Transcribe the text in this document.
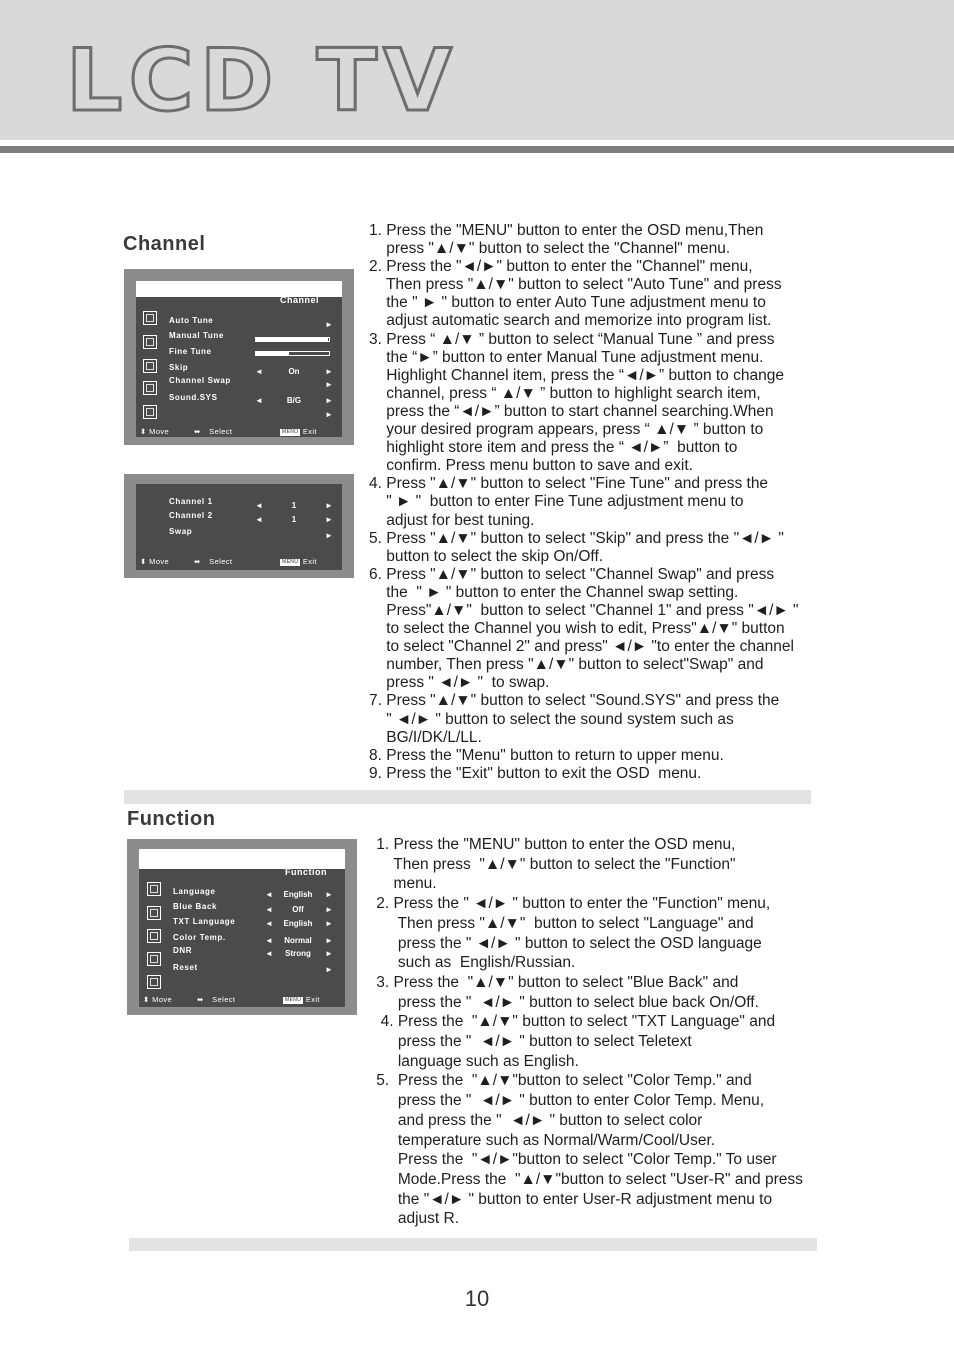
LCD TV
Channel
Channel
Auto Tune	►
Manual Tune
Fine Tune
Skip	◄	On	►
Channel Swap	►
Sound.SYS	◄	B/G	►
►
⬍ Move	⬌ Select	MENU Exit
Channel 1	◄	1	►
Channel 2	◄	1	►
Swap	►
⬍ Move	⬌ Select	MENU Exit

1. Press the "MENU" button to enter the OSD menu,Then

press "▲/▼" button to select the "Channel" menu.

2. Press the "◄/►" button to enter the "Channel" menu,

Then press "▲/▼" button to select "Auto Tune" and press

the " ► " button to enter Auto Tune adjustment menu to

adjust automatic search and memorize into program list.

3. Press “ ▲/▼ ” button to select “Manual Tune ” and press

the “►” button to enter Manual Tune adjustment menu.

Highlight Channel item, press the “◄/►” button to change

channel, press “ ▲/▼ ” button to highlight search item,

press the “◄/►” button to start channel searching.When

your desired program appears, press “ ▲/▼ ” button to

highlight store item and press the “ ◄/►”  button to

confirm. Press menu button to save and exit.

4. Press "▲/▼" button to select "Fine Tune" and press the

" ► "  button to enter Fine Tune adjustment menu to

adjust for best tuning.

5. Press "▲/▼" button to select "Skip" and press the "◄/► "

button to select the skip On/Off.

6. Press "▲/▼" button to select "Channel Swap" and press

the  " ► " button to enter the Channel swap setting.

Press"▲/▼"  button to select "Channel 1" and press "◄/► "

to select the Channel you wish to edit, Press"▲/▼" button

to select "Channel 2" and press" ◄/► "to enter the channel

number, Then press "▲/▼" button to select"Swap" and

press " ◄/► "  to swap.

7. Press "▲/▼" button to select "Sound.SYS" and press the

" ◄/► " button to select the sound system such as

BG/I/DK/L/LL.

8. Press the "Menu" button to return to upper menu.

9. Press the "Exit" button to exit the OSD  menu.

Function
Function
Language	◄	English	►
Blue Back	◄	Off	►
TXT Language	◄	English	►
Color Temp.	◄	Normal	►
DNR	◄	Strong	►
Reset	►
⬍ Move	⬌ Select	MENU Exit

1. Press the "MENU" button to enter the OSD menu,

Then press  "▲/▼" button to select the "Function"

menu.

2. Press the " ◄/► " button to enter the "Function" menu,

Then press "▲/▼"  button to select "Language" and

press the " ◄/► " button to select the OSD language

such as  English/Russian.

3. Press the  "▲/▼" button to select "Blue Back" and

press the "  ◄/► " button to select blue back On/Off.

4. Press the  "▲/▼" button to select "TXT Language" and

press the "  ◄/► " button to select Teletext

language such as English.

5.  Press the  "▲/▼"button to select "Color Temp." and

press the "  ◄/► " button to enter Color Temp. Menu,

and press the "  ◄/► " button to select color

temperature such as Normal/Warm/Cool/User.

Press the  "◄/►"button to select "Color Temp." To user

Mode.Press the  "▲/▼"button to select "User-R" and press

the "◄/► " button to enter User-R adjustment menu to

adjust R.

10
